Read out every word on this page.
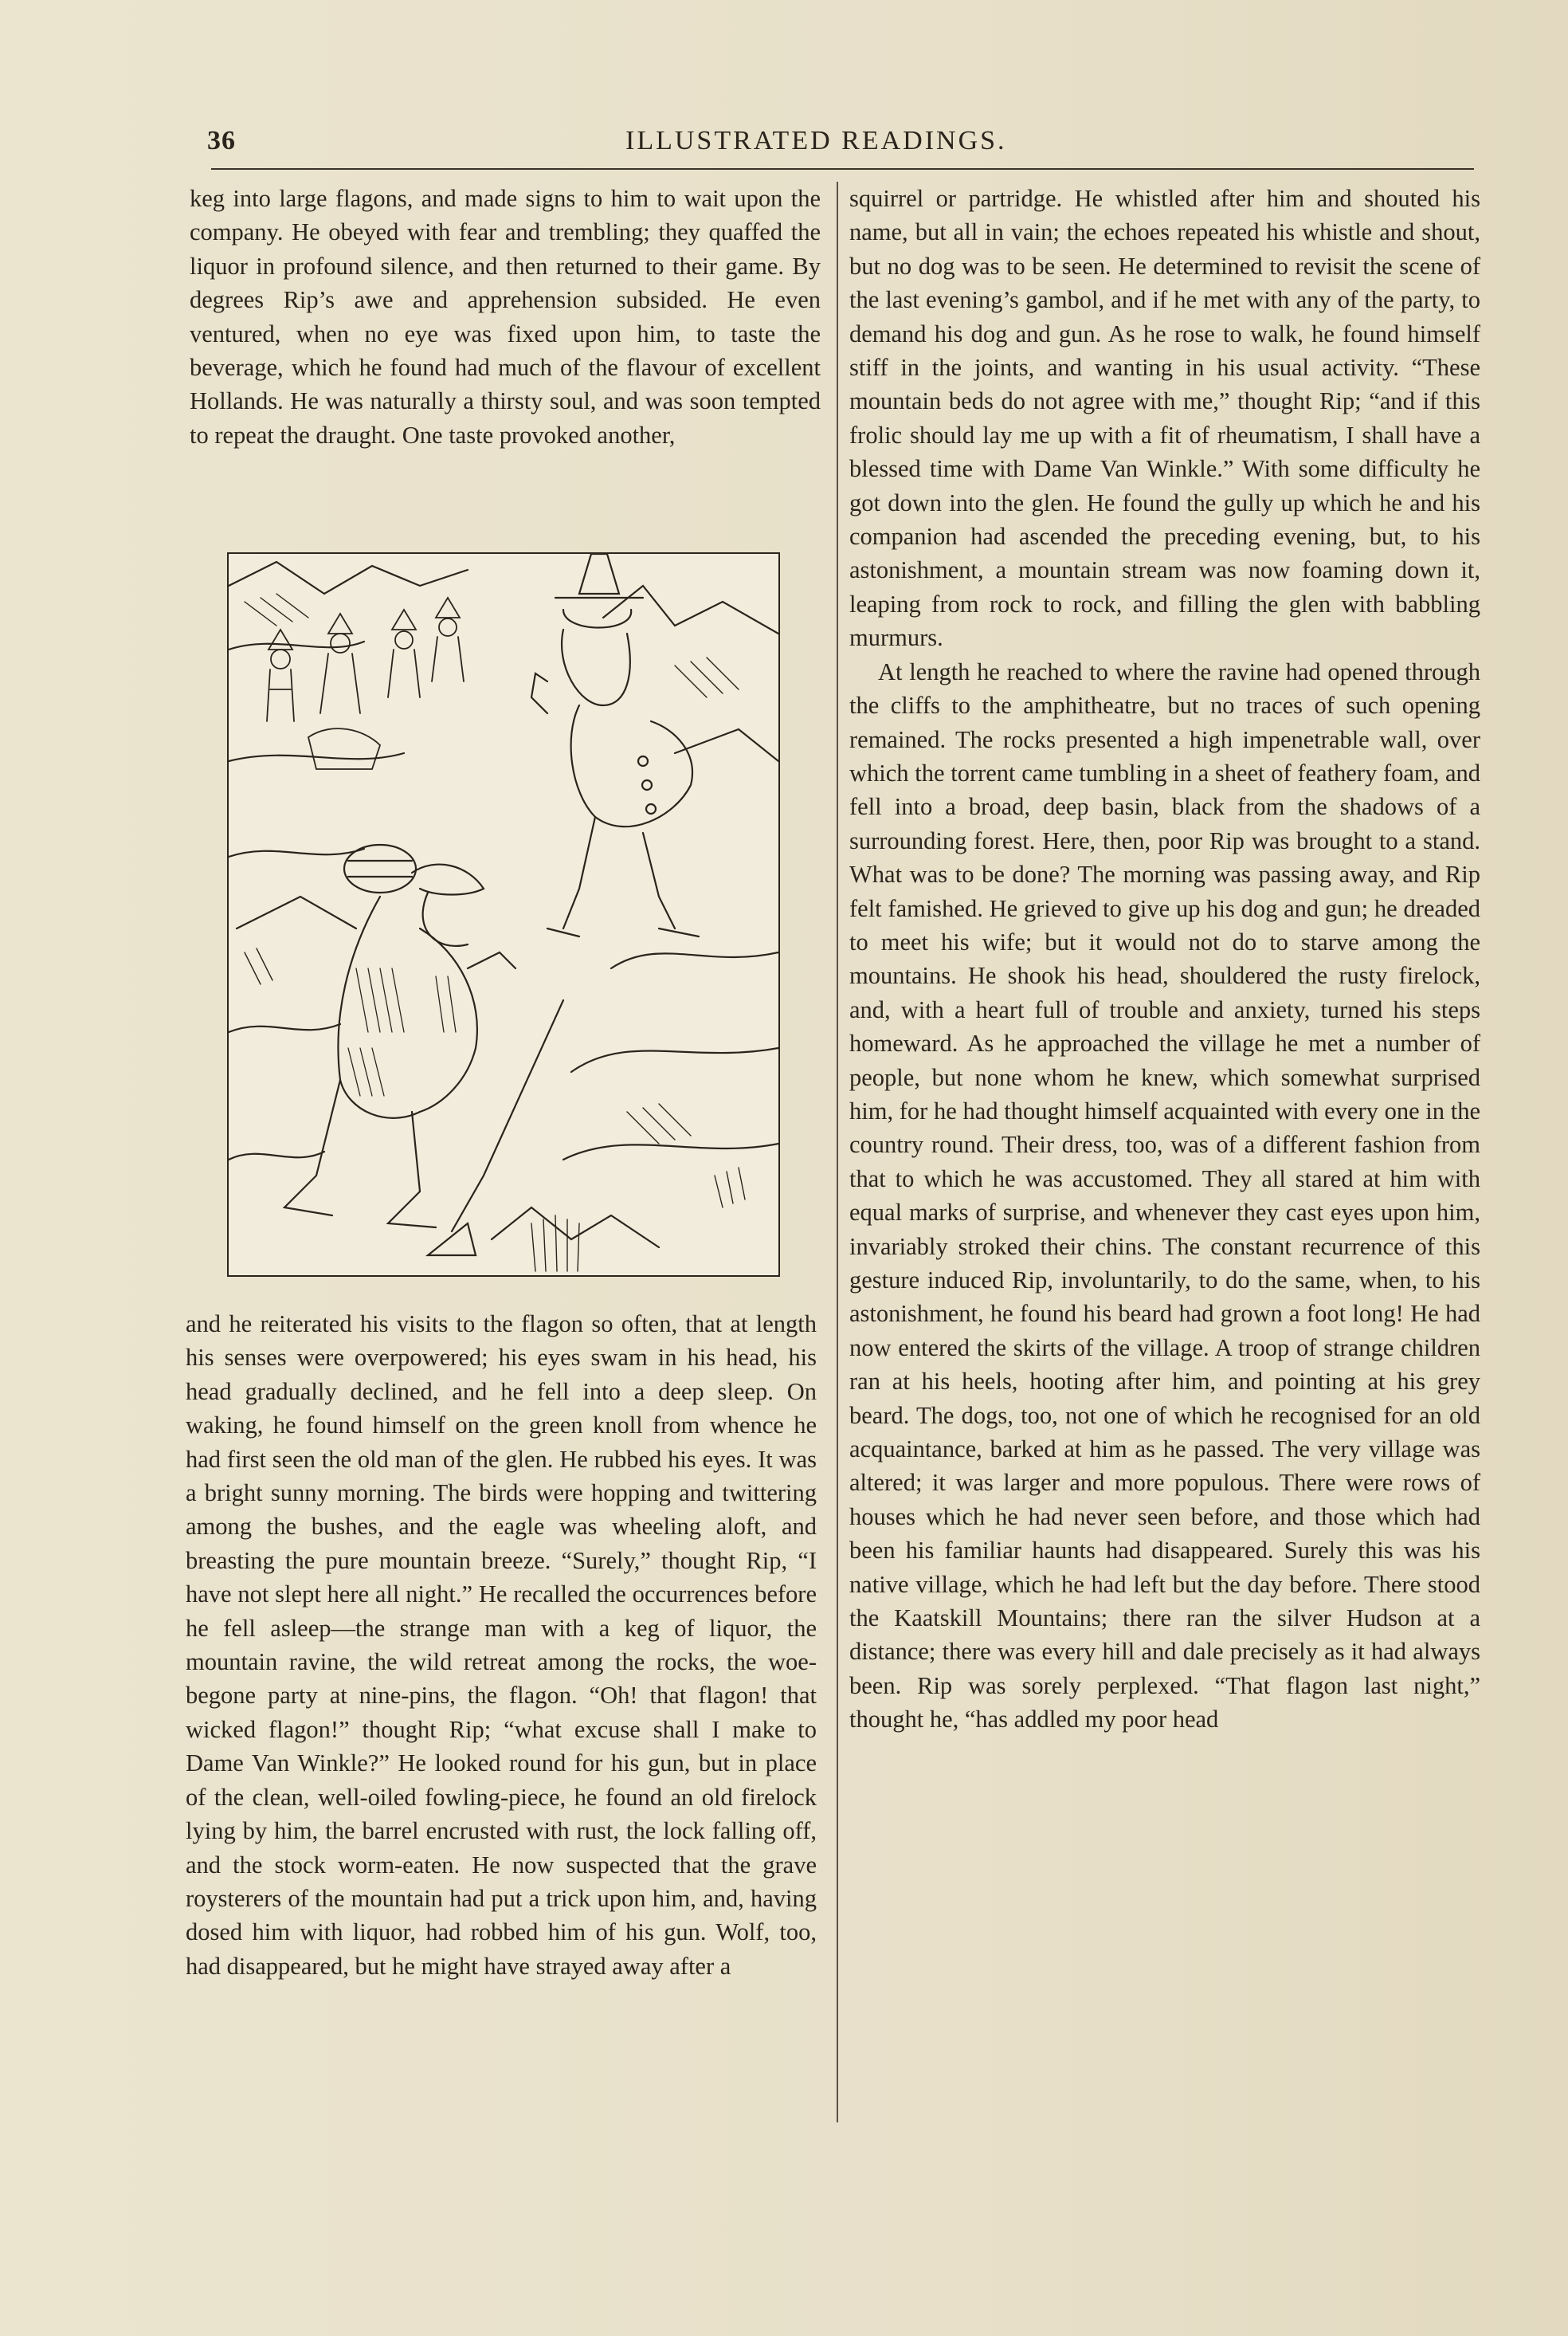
36	ILLUSTRATED READINGS.

keg into large flagons, and made signs to him to wait upon the company. He obeyed with fear and trembling; they quaffed the liquor in profound silence, and then returned to their game. By degrees Rip’s awe and apprehension subsided. He even ventured, when no eye was fixed upon him, to taste the beverage, which he found had much of the flavour of excellent Hollands. He was naturally a thirsty soul, and was soon tempted to repeat the draught. One taste provoked another,

and he reiterated his visits to the flagon so often, that at length his senses were overpowered; his eyes swam in his head, his head gradually declined, and he fell into a deep sleep. On waking, he found himself on the green knoll from whence he had first seen the old man of the glen. He rubbed his eyes. It was a bright sunny morning. The birds were hopping and twittering among the bushes, and the eagle was wheeling aloft, and breasting the pure mountain breeze. “Surely,” thought Rip, “I have not slept here all night.” He recalled the occurrences before he fell asleep—the strange man with a keg of liquor, the mountain ravine, the wild retreat among the rocks, the woe-begone party at nine-pins, the flagon. “Oh! that flagon! that wicked flagon!” thought Rip; “what excuse shall I make to Dame Van Winkle?” He looked round for his gun, but in place of the clean, well-oiled fowling-piece, he found an old firelock lying by him, the barrel encrusted with rust, the lock falling off, and the stock worm-eaten. He now suspected that the grave roysterers of the mountain had put a trick upon him, and, having dosed him with liquor, had robbed him of his gun. Wolf, too, had disappeared, but he might have strayed away after a

squirrel or partridge. He whistled after him and shouted his name, but all in vain; the echoes repeated his whistle and shout, but no dog was to be seen. He determined to revisit the scene of the last evening’s gambol, and if he met with any of the party, to demand his dog and gun. As he rose to walk, he found himself stiff in the joints, and wanting in his usual activity. “These mountain beds do not agree with me,” thought Rip; “and if this frolic should lay me up with a fit of rheumatism, I shall have a blessed time with Dame Van Winkle.” With some difficulty he got down into the glen. He found the gully up which he and his companion had ascended the preceding evening, but, to his astonishment, a mountain stream was now foaming down it, leaping from rock to rock, and filling the glen with babbling murmurs.

At length he reached to where the ravine had opened through the cliffs to the amphitheatre, but no traces of such opening remained. The rocks presented a high impenetrable wall, over which the torrent came tumbling in a sheet of feathery foam, and fell into a broad, deep basin, black from the shadows of a surrounding forest. Here, then, poor Rip was brought to a stand. What was to be done? The morning was passing away, and Rip felt famished. He grieved to give up his dog and gun; he dreaded to meet his wife; but it would not do to starve among the mountains. He shook his head, shouldered the rusty firelock, and, with a heart full of trouble and anxiety, turned his steps homeward. As he approached the village he met a number of people, but none whom he knew, which somewhat surprised him, for he had thought himself acquainted with every one in the country round. Their dress, too, was of a different fashion from that to which he was accustomed. They all stared at him with equal marks of surprise, and whenever they cast eyes upon him, invariably stroked their chins. The constant recurrence of this gesture induced Rip, involuntarily, to do the same, when, to his astonishment, he found his beard had grown a foot long! He had now entered the skirts of the village. A troop of strange children ran at his heels, hooting after him, and pointing at his grey beard. The dogs, too, not one of which he recognised for an old acquaintance, barked at him as he passed. The very village was altered; it was larger and more populous. There were rows of houses which he had never seen before, and those which had been his familiar haunts had disappeared. Surely this was his native village, which he had left but the day before. There stood the Kaatskill Mountains; there ran the silver Hudson at a distance; there was every hill and dale precisely as it had always been. Rip was sorely perplexed. “That flagon last night,” thought he, “has addled my poor head
